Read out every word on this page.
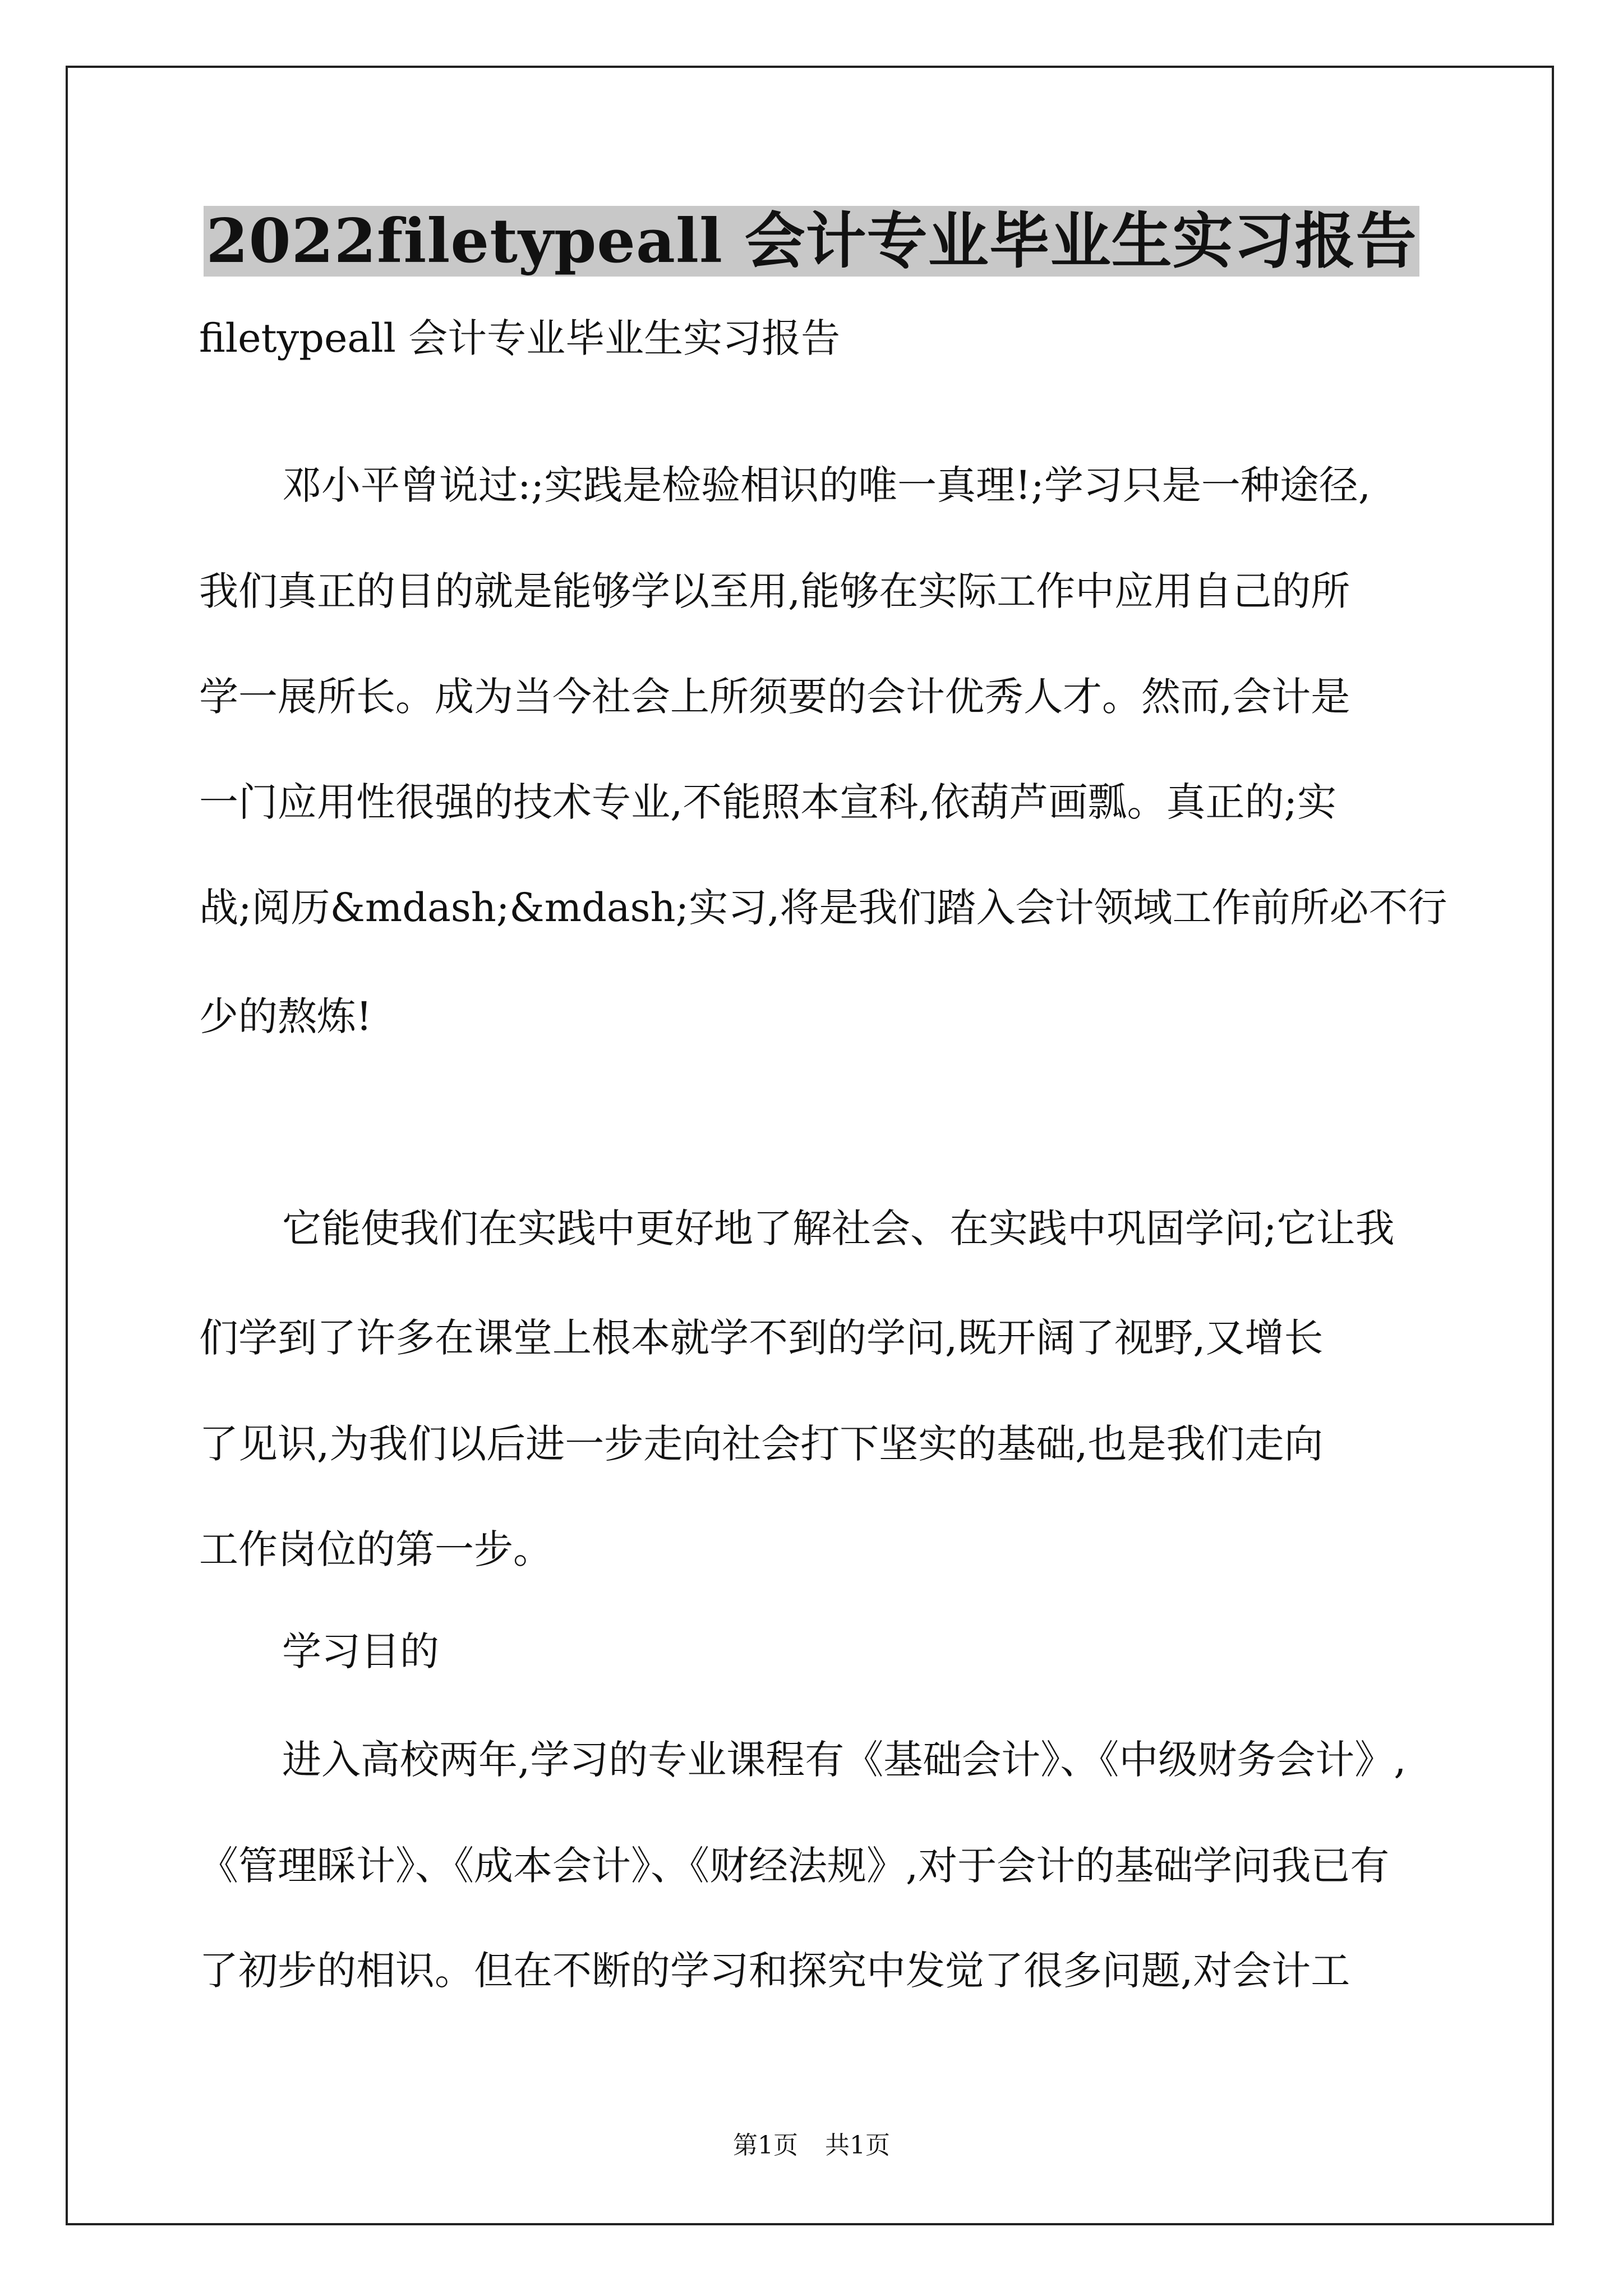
2022filetypeall 会计专业毕业生实习报告
filetypeall 会计专业毕业生实习报告
邓小平曾说过:;实践是检验相识的唯一真理!;学习只是一种途径,
我们真正的目的就是能够学以至用,能够在实际工作中应用自己的所
学一展所长。成为当今社会上所须要的会计优秀人才。然而,会计是
一门应用性很强的技术专业,不能照本宣科,依葫芦画瓢。真正的;实
战;阅历&mdash;&mdash;实习,将是我们踏入会计领域工作前所必不行
少的熬炼!
它能使我们在实践中更好地了解社会、在实践中巩固学问;它让我
们学到了许多在课堂上根本就学不到的学问,既开阔了视野,又增长
了见识,为我们以后进一步走向社会打下坚实的基础,也是我们走向
工作岗位的第一步。
学习目的
进入高校两年,学习的专业课程有《基础会计》、《中级财务会计》,
《管理睬计》、《成本会计》、《财经法规》,对于会计的基础学问我已有
了初步的相识。但在不断的学习和探究中发觉了很多问题,对会计工
第1页 共1页
